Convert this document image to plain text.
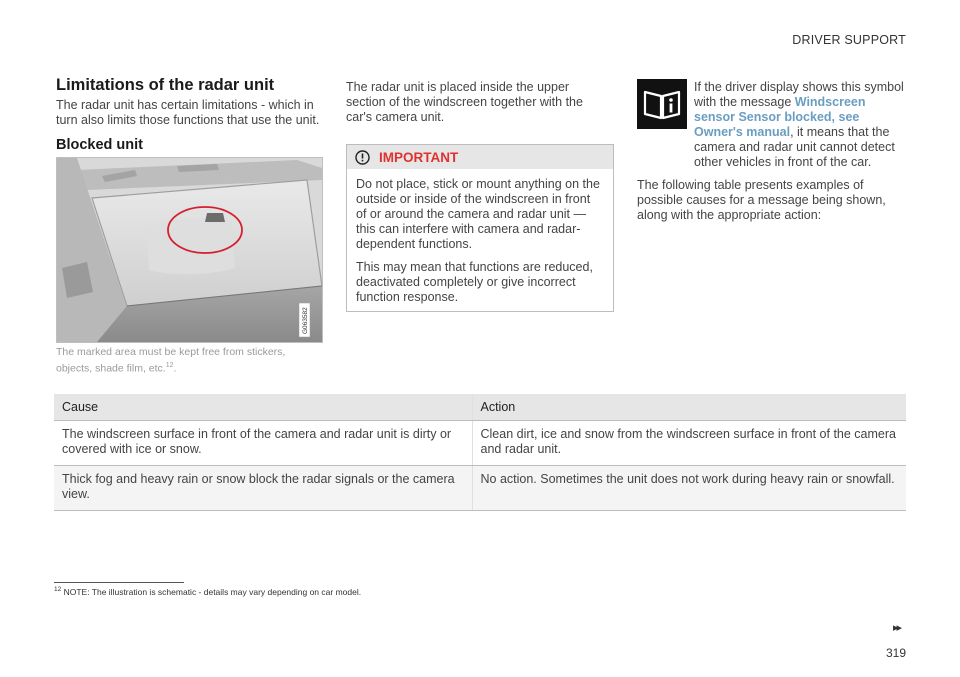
DRIVER SUPPORT
Limitations of the radar unit

The radar unit has certain limitations - which in turn also limits those functions that use the unit.

Blocked unit
G063582
The marked area must be kept free from stickers, objects, shade film, etc.$^{12}$.

The radar unit is placed inside the upper section of the windscreen together with the car's camera unit.

IMPORTANT

Do not place, stick or mount anything on the outside or inside of the windscreen in front of or around the camera and radar unit — this can interfere with camera and radar-dependent functions.

This may mean that functions are reduced, deactivated completely or give incorrect function response.

If the driver display shows this symbol with the message Windscreen sensor Sensor blocked, see Owner's manual, it means that the camera and radar unit cannot detect other vehicles in front of the car.

The following table presents examples of possible causes for a message being shown, along with the appropriate action:

Cause	Action
The windscreen surface in front of the camera and radar unit is dirty or covered with ice or snow.	Clean dirt, ice and snow from the windscreen surface in front of the camera and radar unit.
Thick fog and heavy rain or snow block the radar signals or the camera view.	No action. Sometimes the unit does not work during heavy rain or snowfall.
$^{12}$ NOTE: The illustration is schematic - details may vary depending on car model.
▸▸
319
